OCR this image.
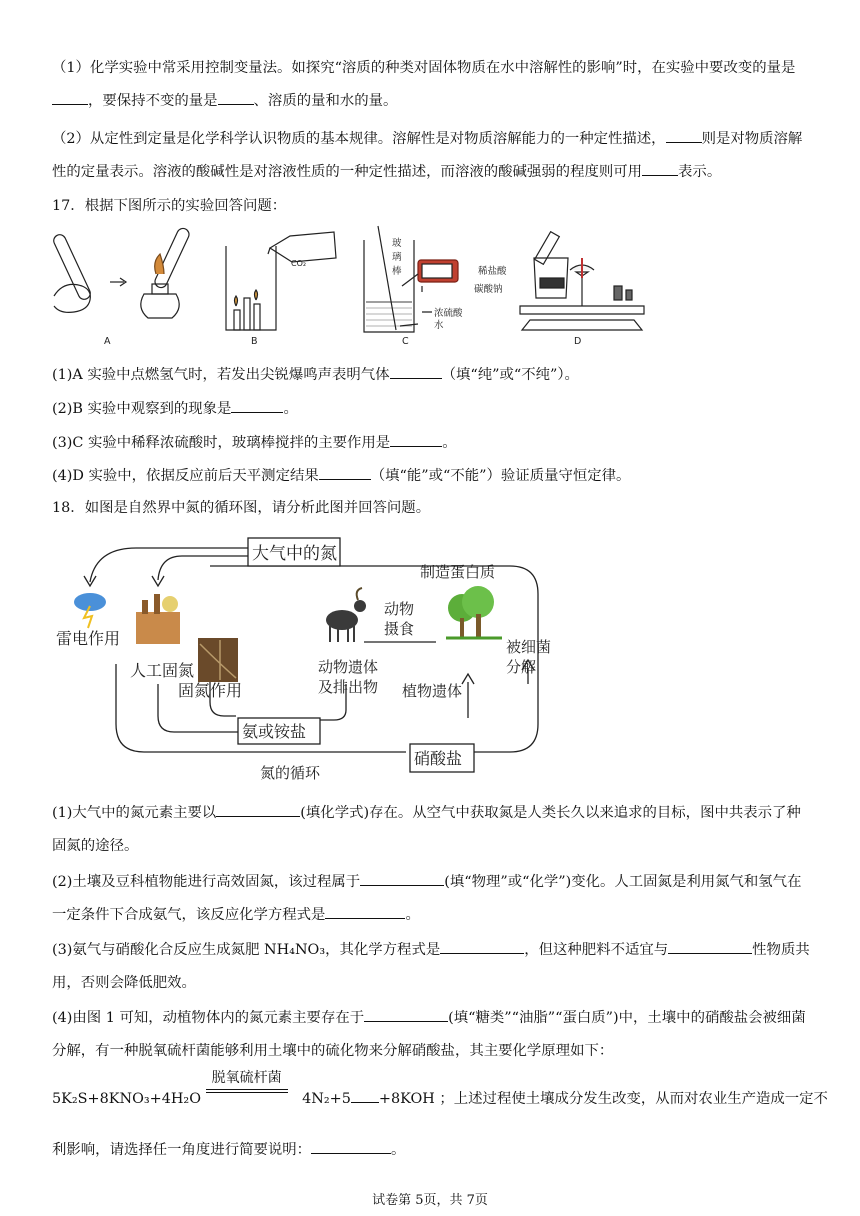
（1）化学实验中常采用控制变量法。如探究“溶质的种类对固体物质在水中溶解性的影响”时，在实验中要改变的量是，要保持不变的量是	、溶质的量和水的量。

（2）从定性到定量是化学科学认识物质的基本规律。溶解性是对物质溶解能力的一种定性描述，	则是对物质溶解性的定量表示。溶液的酸碱性是对溶液性质的一种定性描述，而溶液的酸碱强弱的程度则可用	表示。

17．根据下图所示的实验回答问题：
A	B	C	D
CO₂
玻
璃
棒
浓硫酸
水
稀盐酸
碳酸钠
(1)A 实验中点燃氢气时，若发出尖锐爆鸣声表明气体	（填“纯”或“不纯”）。
(2)B 实验中观察到的现象是	。
(3)C 实验中稀释浓硫酸时，玻璃棒搅拌的主要作用是	。
(4)D 实验中，依据反应前后天平测定结果	（填“能”或“不能”）验证质量守恒定律。
18．如图是自然界中氮的循环图，请分析此图并回答问题。
大气中的氮
制造蛋白质
雷电作用
人工固氮
固氮作用
动物
摄食
动物遗体
及排出物 植物遗体
被细菌
分解
氨或铵盐
硝酸盐
氮的循环

(1)大气中的氮元素主要以	(填化学式)存在。从空气中获取氮是人类长久以来追求的目标，图中共表示了种固氮的途径。

(2)土壤及豆科植物能进行高效固氮，该过程属于	(填“物理”或“化学”)变化。人工固氮是利用氮气和氢气在一定条件下合成氨气，该反应化学方程式是	。

(3)氨气与硝酸化合反应生成氮肥 NH₄NO₃，其化学方程式是	，但这种肥料不适宜与	性物质共用，否则会降低肥效。

(4)由图 1 可知，动植物体内的氮元素主要存在于	(填“糖类”“油脂”“蛋白质”)中，土壤中的硝酸盐会被细菌分解，有一种脱氧硫杆菌能够利用土壤中的硫化物来分解硝酸盐，其主要化学原理如下：

5K₂S+8KNO₃+4H₂O
脱氧硫杆菌
4N₂+5 +8KOH ；上述过程使土壤成分发生改变，从而对农业生产造成一定不
利影响，请选择任一角度进行简要说明：	。
试卷第 5页，共 7页
